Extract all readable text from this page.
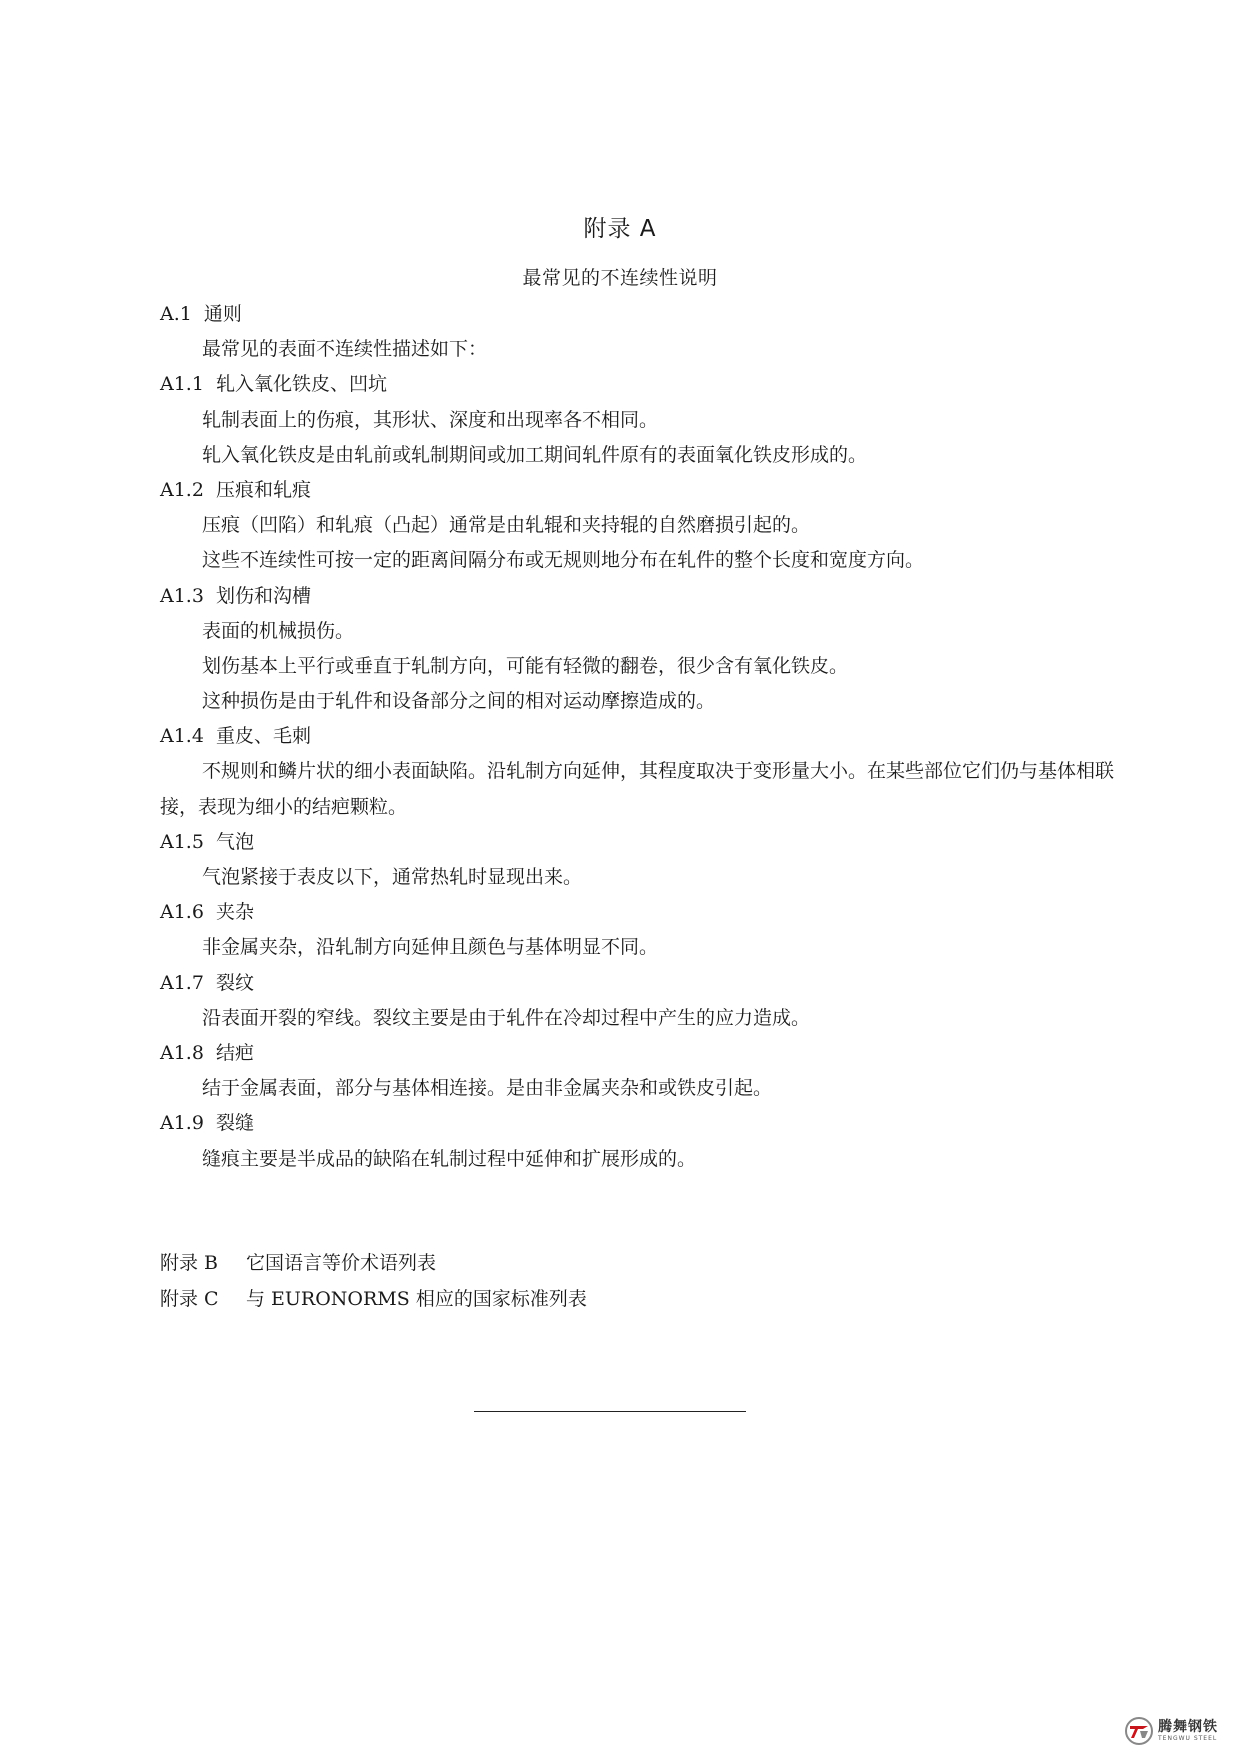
附录 A
最常见的不连续性说明
A.1 通则
最常见的表面不连续性描述如下：
A1.1 轧入氧化铁皮、凹坑
轧制表面上的伤痕，其形状、深度和出现率各不相同。
轧入氧化铁皮是由轧前或轧制期间或加工期间轧件原有的表面氧化铁皮形成的。
A1.2 压痕和轧痕
压痕（凹陷）和轧痕（凸起）通常是由轧辊和夹持辊的自然磨损引起的。
这些不连续性可按一定的距离间隔分布或无规则地分布在轧件的整个长度和宽度方向。
A1.3 划伤和沟槽
表面的机械损伤。
划伤基本上平行或垂直于轧制方向，可能有轻微的翻卷，很少含有氧化铁皮。
这种损伤是由于轧件和设备部分之间的相对运动摩擦造成的。
A1.4 重皮、毛刺
不规则和鳞片状的细小表面缺陷。沿轧制方向延伸，其程度取决于变形量大小。在某些部位它们仍与基体相联接，表现为细小的结疤颗粒。
A1.5 气泡
气泡紧接于表皮以下，通常热轧时显现出来。
A1.6 夹杂
非金属夹杂，沿轧制方向延伸且颜色与基体明显不同。
A1.7 裂纹
沿表面开裂的窄线。裂纹主要是由于轧件在冷却过程中产生的应力造成。
A1.8 结疤
结于金属表面，部分与基体相连接。是由非金属夹杂和或铁皮引起。
A1.9 裂缝
缝痕主要是半成品的缺陷在轧制过程中延伸和扩展形成的。
附录 B	它国语言等价术语列表
附录 C	与 EURONORMS 相应的国家标准列表
腾舞钢铁
TENGWU STEEL
